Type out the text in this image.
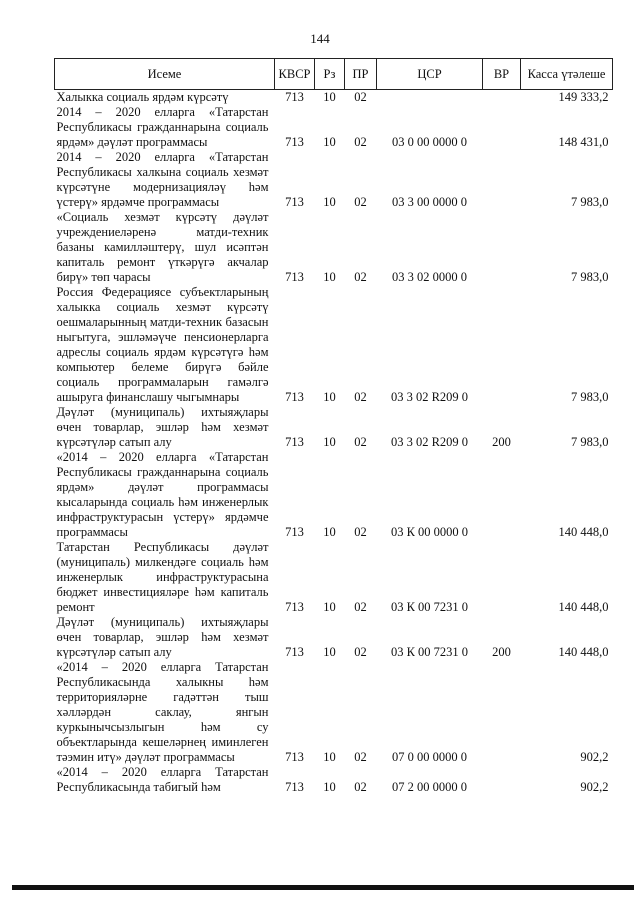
144
Исеме	КВСР	Рз	ПР	ЦСР	ВР	Касса үтәлеше
Халыкка социаль ярдәм күрсәтү	713	10	02			149 333,2
2014 – 2020 елларга «Татарстан Республикасы гражданнарына социаль ярдәм» дәүләт программасы	713	10	02	03 0 00 0000 0		148 431,0
2014 – 2020 елларга «Татарстан Республикасы халкына социаль хезмәт күрсәтүне модернизацияләү һәм үстерү» ярдәмче программасы	713	10	02	03 3 00 0000 0		7 983,0
«Социаль хезмәт күрсәтү дәүләт учреждениеләренә матди-техник базаны камилләштерү, шул исәптән капиталь ремонт үткәрүгә акчалар бирү» төп чарасы	713	10	02	03 3 02 0000 0		7 983,0
Россия Федерациясе субъектларының халыкка социаль хезмәт күрсәтү оешмаларынның матди-техник базасын ныгытуга, эшләмәүче пенсионерларга адреслы социаль ярдәм күрсәтүгә һәм компьютер белеме бирүгә бәйле социаль программаларын гамәлгә ашыруга финанслашу чыгымнары	713	10	02	03 3 02 R209 0		7 983,0
Дәүләт (муниципаль) ихтыяҗлары өчен товарлар, эшләр һәм хезмәт күрсәтүләр сатып алу	713	10	02	03 3 02 R209 0	200	7 983,0
«2014 – 2020 елларга «Татарстан Республикасы гражданнарына социаль ярдәм» дәүләт программасы кысаларында социаль һәм инженерлык инфраструктурасын үстерү» ярдәмче программасы	713	10	02	03 К 00 0000 0		140 448,0
Татарстан Республикасы дәүләт (муниципаль) милкендәге социаль һәм инженерлык инфраструктурасына бюджет инвестицияләре һәм капиталь ремонт	713	10	02	03 К 00 7231 0		140 448,0
Дәүләт (муниципаль) ихтыяҗлары өчен товарлар, эшләр һәм хезмәт күрсәтүләр сатып алу	713	10	02	03 К 00 7231 0	200	140 448,0
«2014 – 2020 елларга Татарстан Республикасында халыкны һәм территорияләрне гадәттән тыш хәлләрдән саклау, янгын куркынычсызлыгын һәм су объектларында кешеләрнең иминлеген тәэмин итү» дәүләт программасы	713	10	02	07 0 00 0000 0		902,2
«2014 – 2020 елларга Татарстан Республикасында табигый һәм	713	10	02	07 2 00 0000 0		902,2
